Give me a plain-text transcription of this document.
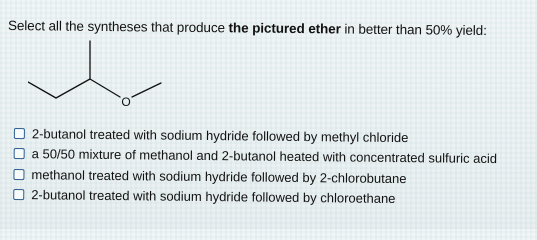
Select all the syntheses that produce the pictured ether in better than 50% yield:
O
2-butanol treated with sodium hydride followed by methyl chloride
a 50/50 mixture of methanol and 2-butanol heated with concentrated sulfuric acid
methanol treated with sodium hydride followed by 2-chlorobutane
2-butanol treated with sodium hydride followed by chloroethane
